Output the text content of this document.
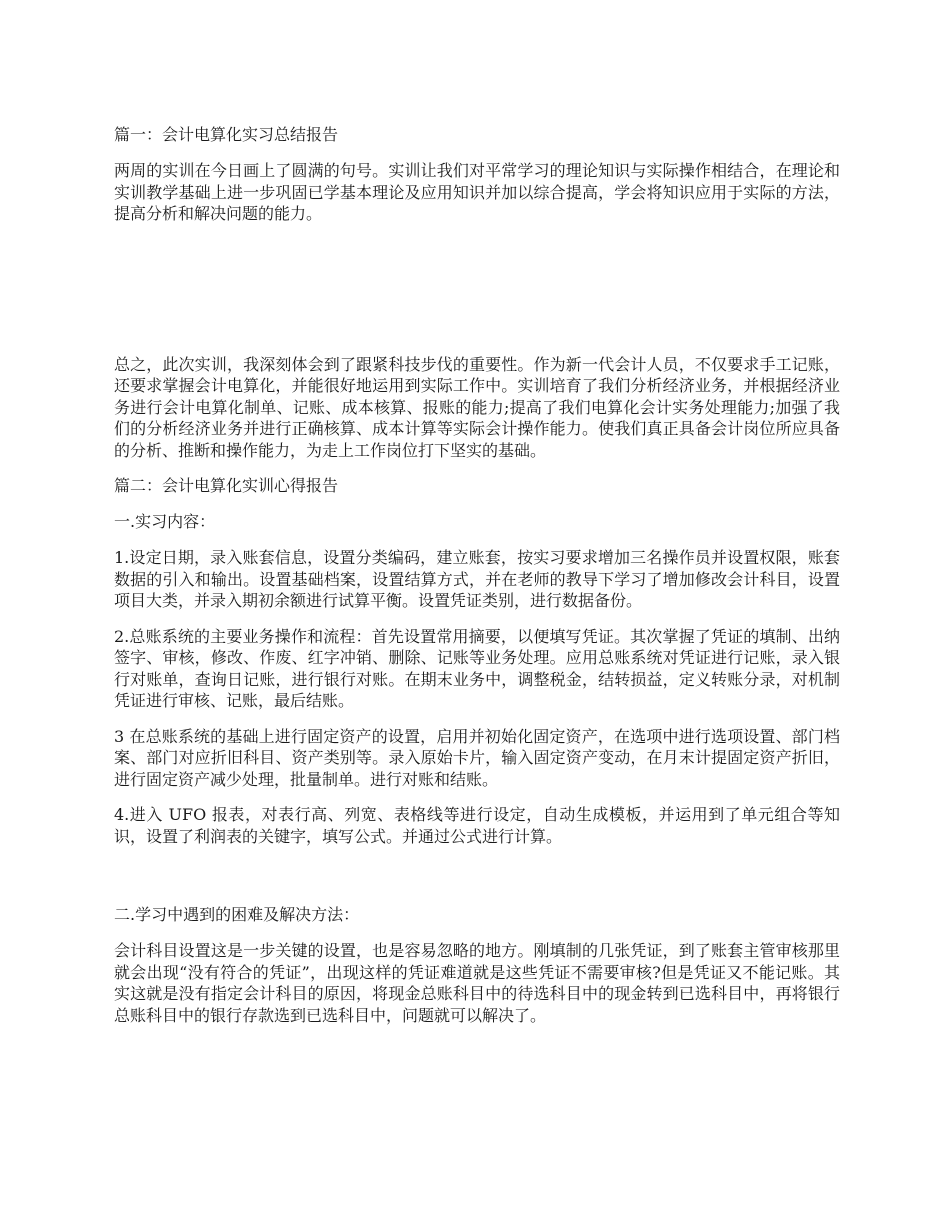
篇一：会计电算化实习总结报告

两周的实训在今日画上了圆满的句号。实训让我们对平常学习的理论知识与实际操作相结合，在理论和实训教学基础上进一步巩固已学基本理论及应用知识并加以综合提高，学会将知识应用于实际的方法，提高分析和解决问题的能力。

总之，此次实训，我深刻体会到了跟紧科技步伐的重要性。作为新一代会计人员，不仅要求手工记账，还要求掌握会计电算化，并能很好地运用到实际工作中。实训培育了我们分析经济业务，并根据经济业务进行会计电算化制单、记账、成本核算、报账的能力;提高了我们电算化会计实务处理能力;加强了我们的分析经济业务并进行正确核算、成本计算等实际会计操作能力。使我们真正具备会计岗位所应具备的分析、推断和操作能力，为走上工作岗位打下坚实的基础。

篇二：会计电算化实训心得报告

一.实习内容：

1.设定日期，录入账套信息，设置分类编码，建立账套，按实习要求增加三名操作员并设置权限，账套数据的引入和输出。设置基础档案，设置结算方式，并在老师的教导下学习了增加修改会计科目，设置项目大类，并录入期初余额进行试算平衡。设置凭证类别，进行数据备份。

2.总账系统的主要业务操作和流程：首先设置常用摘要，以便填写凭证。其次掌握了凭证的填制、出纳签字、审核，修改、作废、红字冲销、删除、记账等业务处理。应用总账系统对凭证进行记账，录入银行对账单，查询日记账，进行银行对账。在期末业务中，调整税金，结转损益，定义转账分录，对机制凭证进行审核、记账，最后结账。

3 在总账系统的基础上进行固定资产的设置，启用并初始化固定资产，在选项中进行选项设置、部门档案、部门对应折旧科目、资产类别等。录入原始卡片，输入固定资产变动，在月末计提固定资产折旧，进行固定资产减少处理，批量制单。进行对账和结账。

4.进入 UFO 报表，对表行高、列宽、表格线等进行设定，自动生成模板，并运用到了单元组合等知识，设置了利润表的关键字，填写公式。并通过公式进行计算。

二.学习中遇到的困难及解决方法：

会计科目设置这是一步关键的设置，也是容易忽略的地方。刚填制的几张凭证，到了账套主管审核那里就会出现“没有符合的凭证”，出现这样的凭证难道就是这些凭证不需要审核?但是凭证又不能记账。其实这就是没有指定会计科目的原因，将现金总账科目中的待选科目中的现金转到已选科目中，再将银行总账科目中的银行存款选到已选科目中，问题就可以解决了。
